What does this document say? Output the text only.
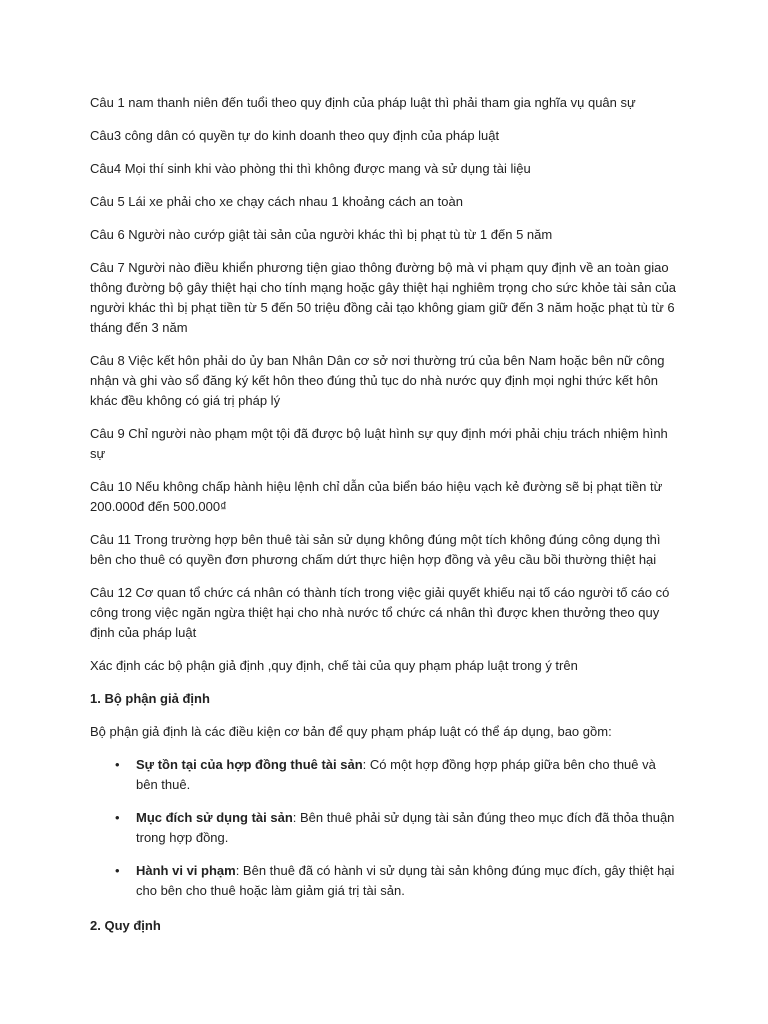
Câu 1 nam thanh niên đến tuổi theo quy định của pháp luật thì phải tham gia nghĩa vụ quân sự

Câu3 công dân có quyền tự do kinh doanh theo quy định của pháp luật

Câu4 Mọi thí sinh khi vào phòng thi thì không được mang và sử dụng tài liệu

Câu 5 Lái xe phải cho xe chạy cách nhau 1 khoảng cách an toàn

Câu 6 Người nào cướp giật tài sản của người khác thì bị phạt tù từ 1 đến 5 năm

Câu 7 Người nào điều khiển phương tiện giao thông đường bộ mà vi phạm quy định về an toàn giao thông đường bộ gây thiệt hại cho tính mạng hoặc gây thiệt hại nghiêm trọng cho sức khỏe tài sản của người khác thì bị phạt tiền từ 5 đến 50 triệu đồng cải tạo không giam giữ đến 3 năm hoặc phạt tù từ 6 tháng đến 3 năm

Câu 8 Việc kết hôn phải do ủy ban Nhân Dân cơ sở nơi thường trú của bên Nam hoặc bên nữ công nhận và ghi vào sổ đăng ký kết hôn theo đúng thủ tục do nhà nước quy định mọi nghi thức kết hôn khác đều không có giá trị pháp lý

Câu 9 Chỉ người nào phạm một tội đã được bộ luật hình sự quy định mới phải chịu trách nhiệm hình sự

Câu 10 Nếu không chấp hành hiệu lệnh chỉ dẫn của biển báo hiệu vạch kẻ đường sẽ bị phạt tiền từ 200.000đ đến 500.000₫

Câu 11 Trong trường hợp bên thuê tài sản sử dụng không đúng một tích không đúng công dụng thì bên cho thuê có quyền đơn phương chấm dứt thực hiện hợp đồng và yêu cầu bồi thường thiệt hại

Câu 12 Cơ quan tổ chức cá nhân có thành tích trong việc giải quyết khiếu nại tố cáo người tố cáo có công trong việc ngăn ngừa thiệt hại cho nhà nước tổ chức cá nhân thì được khen thưởng theo quy định của pháp luật

Xác định các bộ phận giả định ,quy định, chế tài của quy phạm pháp luật trong ý trên

1. Bộ phận giả định

Bộ phận giả định là các điều kiện cơ bản để quy phạm pháp luật có thể áp dụng, bao gồm:

• Sự tồn tại của hợp đồng thuê tài sản: Có một hợp đồng hợp pháp giữa bên cho thuê và bên thuê.
• Mục đích sử dụng tài sản: Bên thuê phải sử dụng tài sản đúng theo mục đích đã thỏa thuận trong hợp đồng.
• Hành vi vi phạm: Bên thuê đã có hành vi sử dụng tài sản không đúng mục đích, gây thiệt hại cho bên cho thuê hoặc làm giảm giá trị tài sản.

2. Quy định
